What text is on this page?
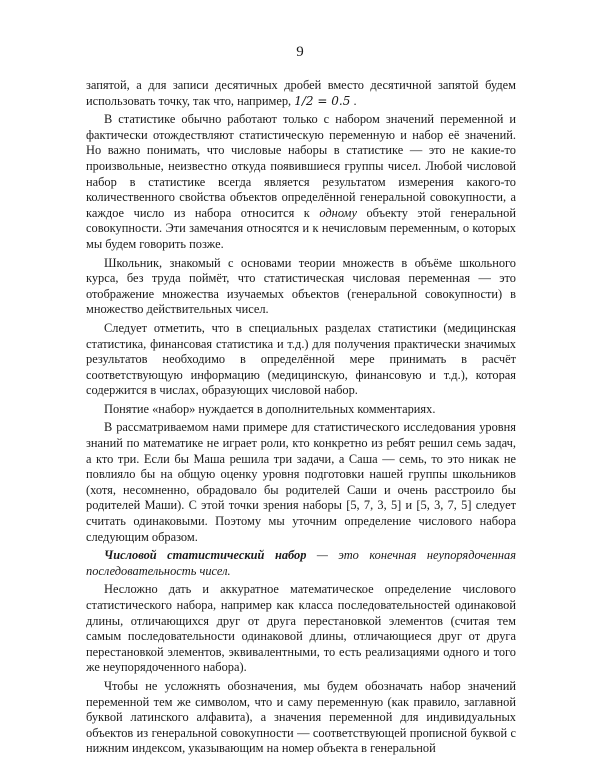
9

запятой, а для записи десятичных дробей вместо десятичной запятой будем использовать точку, так что, например, 1/2 = 0.5 .

В статистике обычно работают только с набором значений переменной и фактически отождествляют статистическую переменную и набор её значений. Но важно понимать, что числовые наборы в статистике — это не какие-то произвольные, неизвестно откуда появившиеся группы чисел. Любой числовой набор в статистике всегда является результатом измерения какого-то количественного свойства объектов определённой генеральной совокупности, а каждое число из набора относится к одному объекту этой генеральной совокупности. Эти замечания относятся и к нечисловым переменным, о которых мы будем говорить позже.

Школьник, знакомый с основами теории множеств в объёме школьного курса, без труда поймёт, что статистическая числовая переменная — это отображение множества изучаемых объектов (генеральной совокупности) в множество действительных чисел.

Следует отметить, что в специальных разделах статистики (медицинская статистика, финансовая статистика и т.д.) для получения практически значимых результатов необходимо в определённой мере принимать в расчёт соответствующую информацию (медицинскую, финансовую и т.д.), которая содержится в числах, образующих числовой набор.

Понятие «набор» нуждается в дополнительных комментариях.

В рассматриваемом нами примере для статистического исследования уровня знаний по математике не играет роли, кто конкретно из ребят решил семь задач, а кто три. Если бы Маша решила три задачи, а Саша — семь, то это никак не повлияло бы на общую оценку уровня подготовки нашей группы школьников (хотя, несомненно, обрадовало бы родителей Саши и очень расстроило бы родителей Маши). С этой точки зрения наборы [5, 7, 3, 5] и [5, 3, 7, 5] следует считать одинаковыми. Поэтому мы уточним определение числового набора следующим образом.

Числовой статистический набор — это конечная неупорядоченная последовательность чисел.

Несложно дать и аккуратное математическое определение числового статистического набора, например как класса последовательностей одинаковой длины, отличающихся друг от друга перестановкой элементов (считая тем самым последовательности одинаковой длины, отличающиеся друг от друга перестановкой элементов, эквивалентными, то есть реализациями одного и того же неупорядоченного набора).

Чтобы не усложнять обозначения, мы будем обозначать набор значений переменной тем же символом, что и саму переменную (как правило, заглавной буквой латинского алфавита), а значения переменной для индивидуальных объектов из генеральной совокупности — соответствующей прописной буквой с нижним индексом, указывающим на номер объекта в генеральной
